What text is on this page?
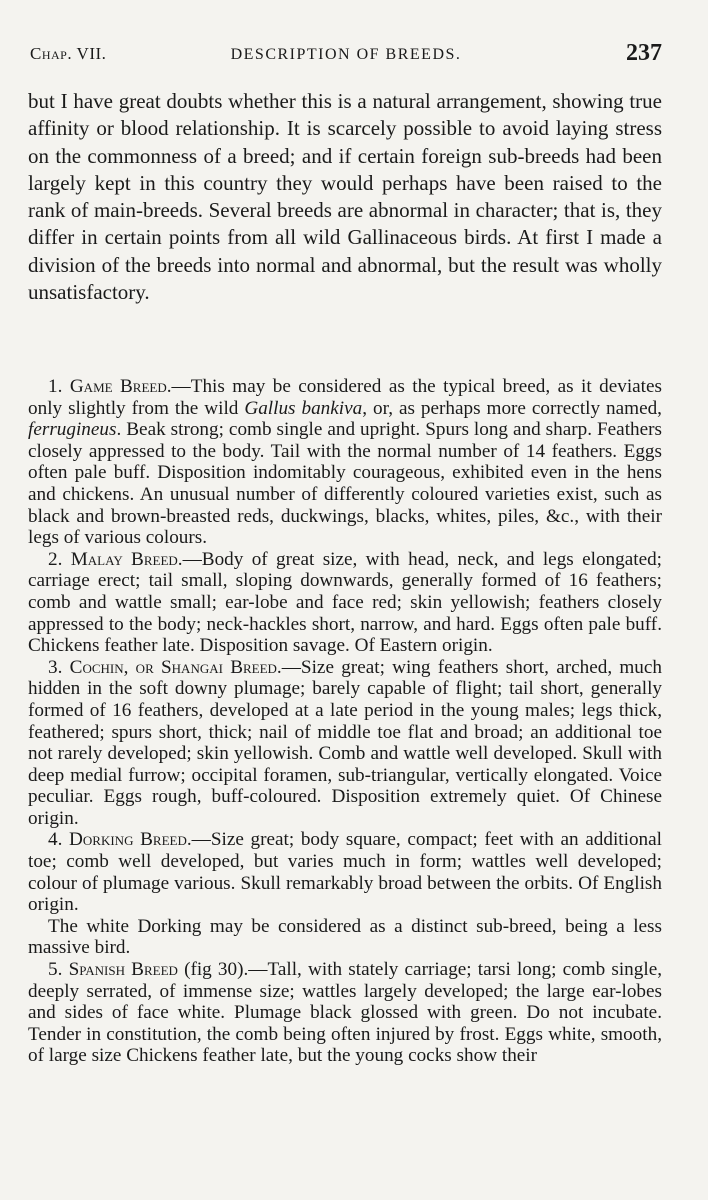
Chap. VII.	DESCRIPTION OF BREEDS.	237

but I have great doubts whether this is a natural arrangement, showing true affinity or blood relationship. It is scarcely possible to avoid laying stress on the commonness of a breed; and if certain foreign sub-breeds had been largely kept in this country they would perhaps have been raised to the rank of main-breeds. Several breeds are abnormal in character; that is, they differ in certain points from all wild Gallinaceous birds. At first I made a division of the breeds into normal and abnormal, but the result was wholly unsatisfactory.

1. Game Breed.—This may be considered as the typical breed, as it deviates only slightly from the wild Gallus bankiva, or, as perhaps more correctly named, ferrugineus. Beak strong; comb single and upright. Spurs long and sharp. Feathers closely appressed to the body. Tail with the normal number of 14 feathers. Eggs often pale buff. Disposition indomitably courageous, exhibited even in the hens and chickens. An unusual number of differently coloured varieties exist, such as black and brown-breasted reds, duckwings, blacks, whites, piles, &c., with their legs of various colours.

2. Malay Breed.—Body of great size, with head, neck, and legs elongated; carriage erect; tail small, sloping downwards, generally formed of 16 feathers; comb and wattle small; ear-lobe and face red; skin yellowish; feathers closely appressed to the body; neck-hackles short, narrow, and hard. Eggs often pale buff. Chickens feather late. Disposition savage. Of Eastern origin.

3. Cochin, or Shangai Breed.—Size great; wing feathers short, arched, much hidden in the soft downy plumage; barely capable of flight; tail short, generally formed of 16 feathers, developed at a late period in the young males; legs thick, feathered; spurs short, thick; nail of middle toe flat and broad; an additional toe not rarely developed; skin yellowish. Comb and wattle well developed. Skull with deep medial furrow; occipital foramen, sub-triangular, vertically elongated. Voice peculiar. Eggs rough, buff-coloured. Disposition extremely quiet. Of Chinese origin.

4. Dorking Breed.—Size great; body square, compact; feet with an additional toe; comb well developed, but varies much in form; wattles well developed; colour of plumage various. Skull remarkably broad between the orbits. Of English origin.

The white Dorking may be considered as a distinct sub-breed, being a less massive bird.

5. Spanish Breed (fig 30).—Tall, with stately carriage; tarsi long; comb single, deeply serrated, of immense size; wattles largely developed; the large ear-lobes and sides of face white. Plumage black glossed with green. Do not incubate. Tender in constitution, the comb being often injured by frost. Eggs white, smooth, of large size Chickens feather late, but the young cocks show their
